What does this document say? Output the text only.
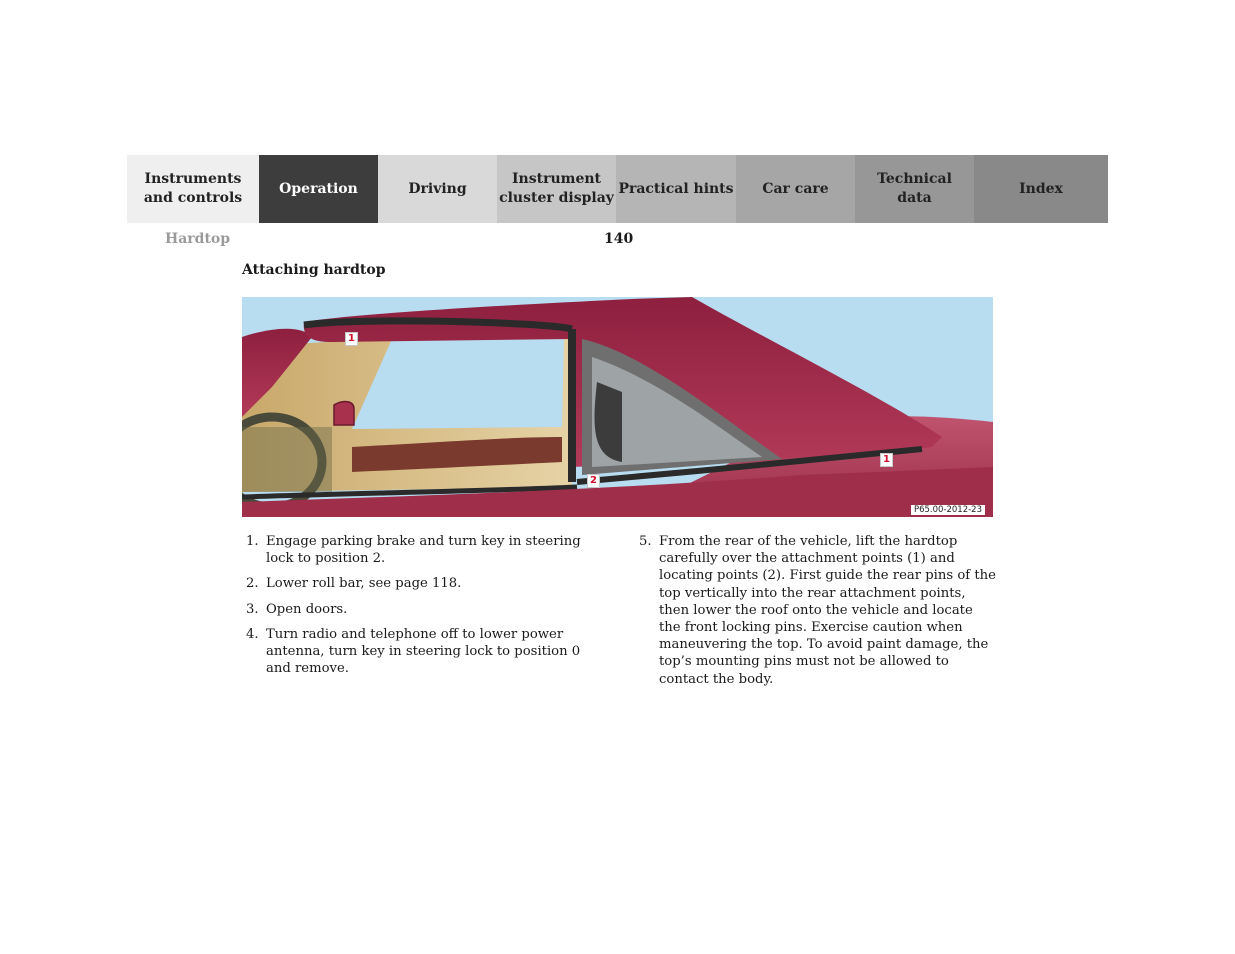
Instruments
and controls
Operation	Driving
Instrument
cluster display
Practical hints Car care
Technical
data
Index
Hardtop	140
Attaching hardtop
1
1
2
P65.00-2012-23
1. Engage parking brake and turn key in steering lock to position 2.
2. Lower roll bar, see page 118.
3. Open doors.
4. Turn radio and telephone off to lower power antenna, turn key in steering lock to position 0 and remove.
5. From the rear of the vehicle, lift the hardtop carefully over the attachment points (1) and locating points (2). First guide the rear pins of the top vertically into the rear attachment points, then lower the roof onto the vehicle and locate the front locking pins. Exercise caution when maneuvering the top. To avoid paint damage, the top’s mounting pins must not be allowed to contact the body.
